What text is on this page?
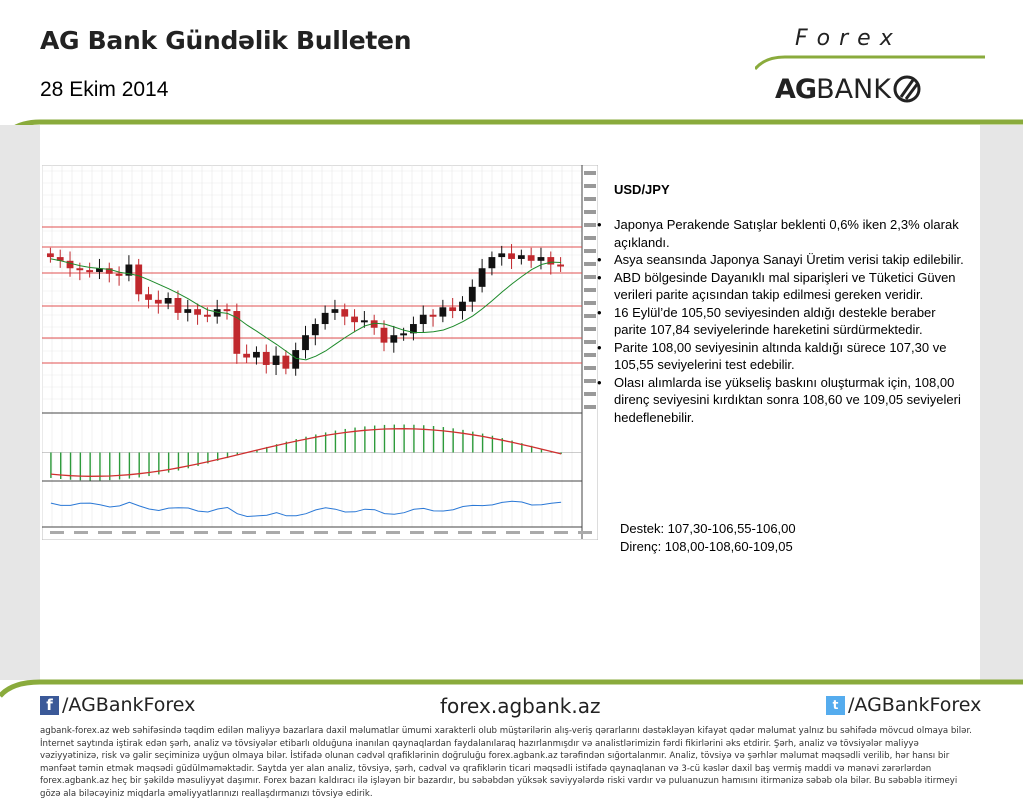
AG Bank Gündəlik Bulleten
28 Ekim 2014
Forex
AGBANK
USD/JPY
• Japonya Perakende Satışlar beklenti 0,6% iken 2,3% olarak açıklandı.
• Asya seansında Japonya Sanayi Üretim verisi takip edilebilir.
• ABD bölgesinde Dayanıklı mal siparişleri ve Tüketici Güven verileri parite açısından takip edilmesi gereken veridir.
• 16 Eylül’de 105,50 seviyesinden aldığı destekle beraber parite 107,84 seviyelerinde hareketini sürdürmektedir.
• Parite 108,00 seviyesinin altında kaldığı sürece 107,30 ve 105,55 seviyelerini test edebilir.
• Olası alımlarda ise yükseliş baskını oluşturmak için, 108,00 direnç seviyesini kırdıktan sonra 108,60 ve 109,05 seviyeleri hedeflenebilir.
Destek: 107,30-106,55-106,00
Direnç: 108,00-108,60-109,05
f /AGBankForex	forex.agbank.az	t /AGBankForex
agbank-forex.az web səhifəsində təqdim edilən maliyyə bazarlara daxil məlumatlar ümumi xarakterli olub müştərilərin alış-veriş qərarlarını dəstəkləyən kifayət qədər məlumat yalnız bu səhifədə mövcud olmaya bilər. İnternet saytında iştirak edən şərh, analiz və tövsiyələr etibarlı olduğuna inanılan qaynaqlardan faydalanılaraq hazırlanmışdır və analistlərimizin fərdi fikirlərini əks etdirir. Şərh, analiz və tövsiyələr maliyyə vəziyyətinizə, risk və gəlir seçiminizə uyğun olmaya bilər. İstifadə olunan cədvəl qrafiklərinin doğruluğu forex.agbank.az tərəfindən sığortalanmır. Analiz, tövsiyə və şərhlər məlumat məqsədli verilib, hər hansı bir mənfəət təmin etmək məqsədi güdülməməktədir. Saytda yer alan analiz, tövsiyə, şərh, cədvəl və qrafiklərin ticari məqsədli istifadə qaynaqlanan və 3-cü kəslər daxil baş vermiş maddi və mənəvi zərərlərdən forex.agbank.az heç bir şəkildə məsuliyyət daşımır. Forex bazarı kaldıracı ilə işləyən bir bazardır, bu səbəbdən yüksək səviyyələrdə riski vardır və puluanuzun hamısını itirmənizə səbəb ola bilər. Bu səbəblə itirmeyi gözə ala biləcəyiniz miqdarla əməliyyatlarınızı reallaşdırmanızı tövsiyə edirik.
